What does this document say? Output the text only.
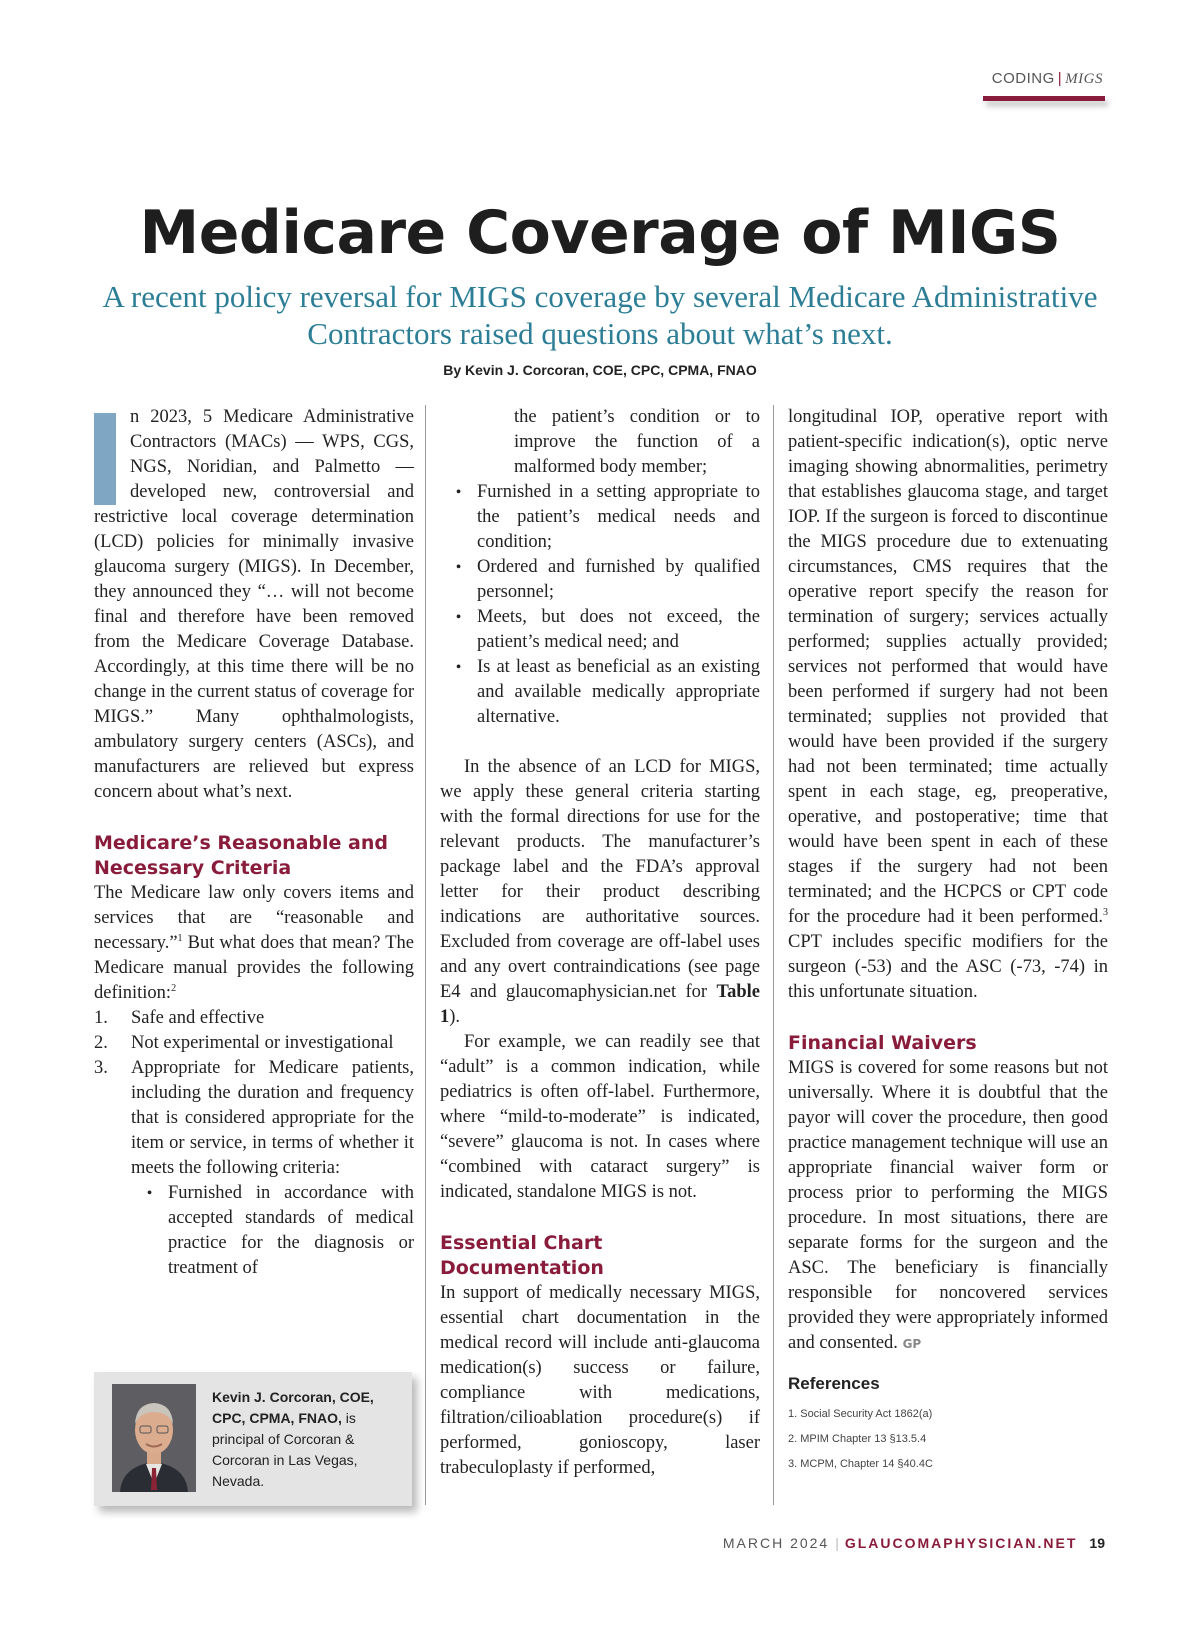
CODING | MIGS
Medicare Coverage of MIGS

A recent policy reversal for MIGS coverage by several Medicare Administrative Contractors raised questions about what’s next.

By Kevin J. Corcoran, COE, CPC, CPMA, FNAO

n 2023, 5 Medicare Administrative Contractors (MACs) — WPS, CGS, NGS, Noridian, and Palmetto — developed new, controversial and restrictive local coverage determination (LCD) policies for minimally invasive glaucoma surgery (MIGS). In December, they announced they “… will not become final and therefore have been removed from the Medicare Coverage Database. Accordingly, at this time there will be no change in the current status of coverage for MIGS.” Many ophthalmologists, ambulatory surgery centers (ASCs), and manufacturers are relieved but express concern about what’s next.

Medicare’s Reasonable and Necessary Criteria

The Medicare law only covers items and services that are “reasonable and necessary.”$^1$ But what does that mean? The Medicare manual provides the following definition:$^2$

1.	Safe and effective
2.	Not experimental or investigational
3.	Appropriate for Medicare patients, including the duration and frequency that is considered appropriate for the item or service, in terms of whether it meets the following criteria:
• Furnished in accordance with accepted standards of medical practice for the diagnosis or treatment of
Kevin J. Corcoran, COE, CPC, CPMA, FNAO, is principal of Corcoran & Corcoran in Las Vegas, Nevada.
the patient’s condition or to improve the function of a malformed body member;
• Furnished in a setting appropriate to the patient’s medical needs and condition;
• Ordered and furnished by qualified personnel;
• Meets, but does not exceed, the patient’s medical need; and
• Is at least as beneficial as an existing and available medically appropriate alternative.

In the absence of an LCD for MIGS, we apply these general criteria starting with the formal directions for use for the relevant products. The manufacturer’s package label and the FDA’s approval letter for their product describing indications are authoritative sources. Excluded from coverage are off-label uses and any overt contraindications (see page E4 and glaucomaphysician.net for Table 1).

For example, we can readily see that “adult” is a common indication, while pediatrics is often off-label. Furthermore, where “mild-to-moderate” is indicated, “severe” glaucoma is not. In cases where “combined with cataract surgery” is indicated, standalone MIGS is not.

Essential Chart Documentation

In support of medically necessary MIGS, essential chart documentation in the medical record will include anti-glaucoma medication(s) success or failure, compliance with medications, filtration/cilioablation procedure(s) if performed, gonioscopy, laser trabeculoplasty if performed,

longitudinal IOP, operative report with patient-specific indication(s), optic nerve imaging showing abnormalities, perimetry that establishes glaucoma stage, and target IOP. If the surgeon is forced to discontinue the MIGS procedure due to extenuating circumstances, CMS requires that the operative report specify the reason for termination of surgery; services actually performed; supplies actually provided; services not performed that would have been performed if surgery had not been terminated; supplies not provided that would have been provided if the surgery had not been terminated; time actually spent in each stage, eg, preoperative, operative, and postoperative; time that would have been spent in each of these stages if the surgery had not been terminated; and the HCPCS or CPT code for the procedure had it been performed.$^3$ CPT includes specific modifiers for the surgeon (-53) and the ASC (-73, -74) in this unfortunate situation.

Financial Waivers

MIGS is covered for some reasons but not universally. Where it is doubtful that the payor will cover the procedure, then good practice management technique will use an appropriate financial waiver form or process prior to performing the MIGS procedure. In most situations, there are separate forms for the surgeon and the ASC. The beneficiary is financially responsible for noncovered services provided they were appropriately informed and consented. GP

References
1. Social Security Act 1862(a)
2. MPIM Chapter 13 §13.5.4
3. MCPM, Chapter 14 §40.4C
MARCH 2024 | GLAUCOMAPHYSICIAN.NET 19
